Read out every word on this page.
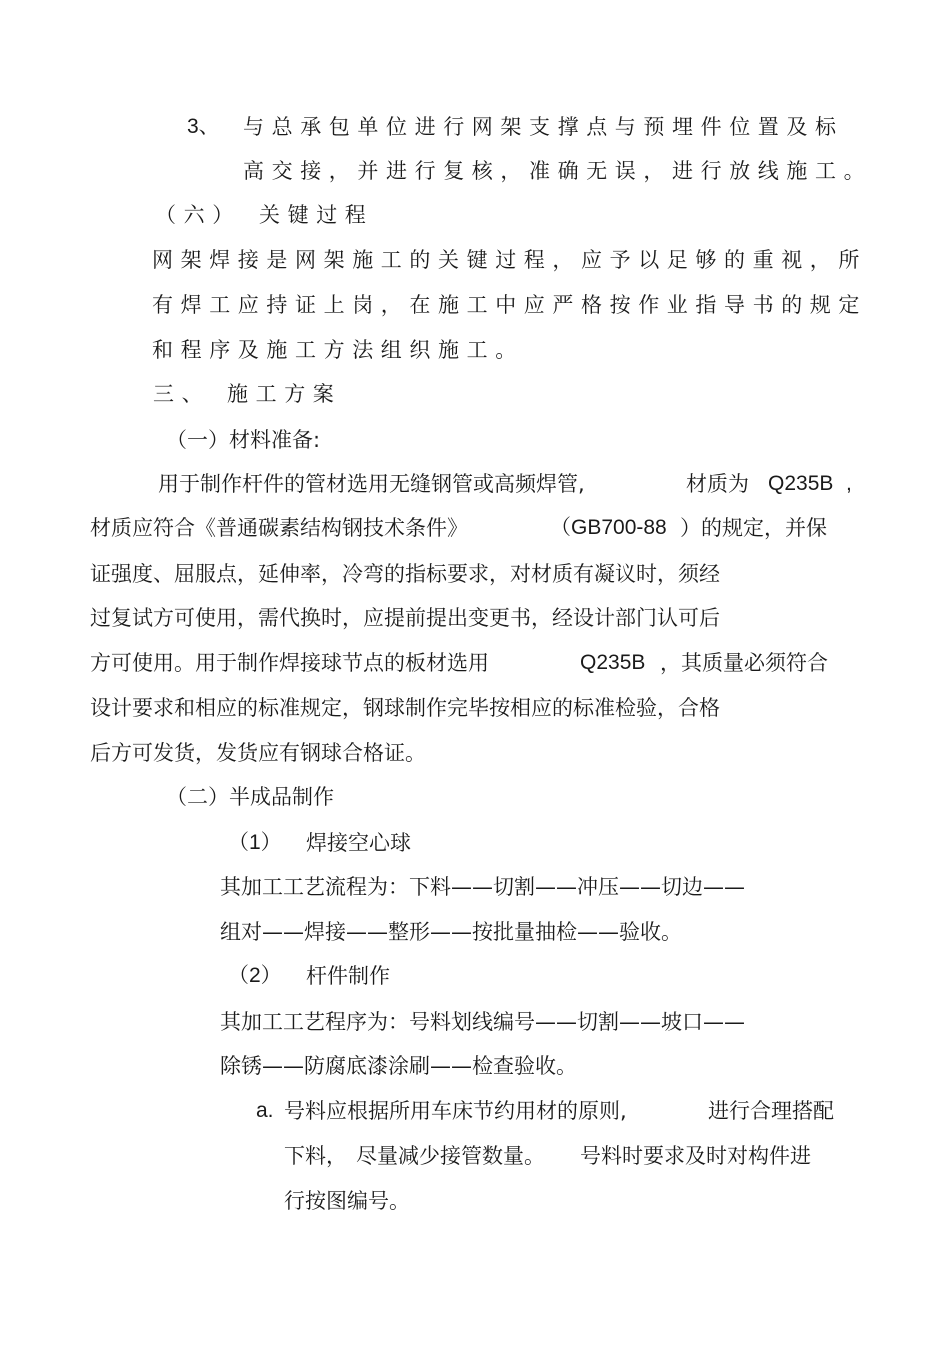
3、 与总承包单位进行网架支撑点与预埋件位置及标
高交接，并进行复核，准确无误，进行放线施工。
（六） 关键过程
网架焊接是网架施工的关键过程，应予以足够的重视，所
有焊工应持证上岗，在施工中应严格按作业指导书的规定
和程序及施工方法组织施工。
三、 施工方案
（一）材料准备:
用于制作杆件的管材选用无缝钢管或高频焊管,	材质为 Q235B ,
材质应符合《普通碳素结构钢技术条件》	（GB700-88 ）的规定，并保
证强度、屈服点，延伸率，冷弯的指标要求，对材质有凝议时，须经
过复试方可使用，需代换时，应提前提出变更书，经设计部门认可后
方可使用。用于制作焊接球节点的板材选用	Q235B ，其质量必须符合
设计要求和相应的标准规定，钢球制作完毕按相应的标准检验，合格
后方可发货，发货应有钢球合格证。
（二）半成品制作
（1） 焊接空心球
其加工工艺流程为：下料——切割——冲压——切边——
组对——焊接——整形——按批量抽检——验收。
（2） 杆件制作
其加工工艺程序为：号料划线编号——切割——坡口——
除锈——防腐底漆涂刷——检查验收。
a. 号料应根据所用车床节约用材的原则,	进行合理搭配
下料， 尽量减少接管数量。 号料时要求及时对构件进
行按图编号。
